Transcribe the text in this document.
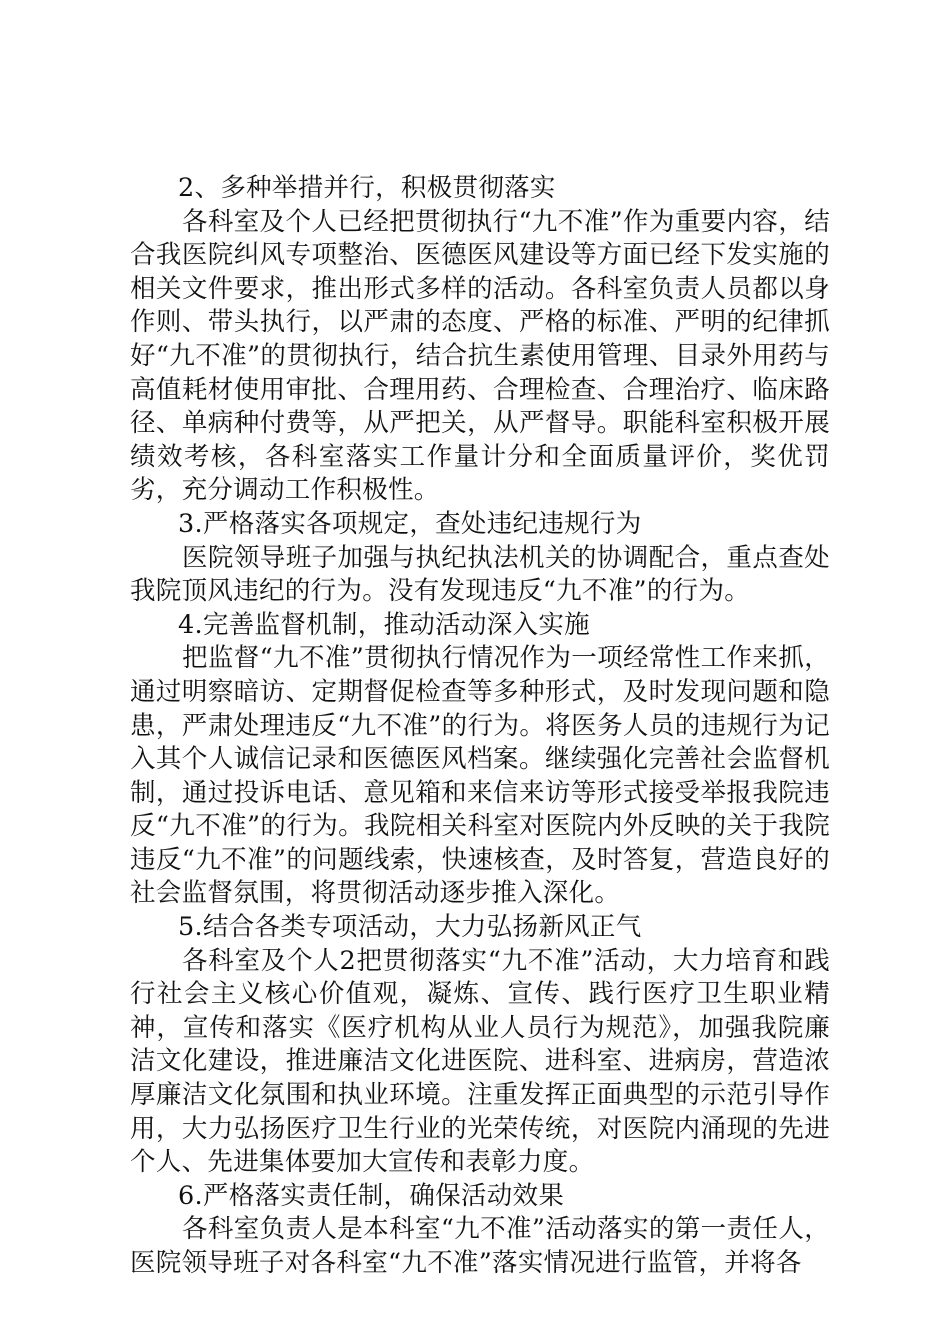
2、多种举措并行，积极贯彻落实

各科室及个人已经把贯彻执行“九不准”作为重要内容，结合我医院纠风专项整治、医德医风建设等方面已经下发实施的相关文件要求，推出形式多样的活动。各科室负责人员都以身作则、带头执行，以严肃的态度、严格的标准、严明的纪律抓好“九不准”的贯彻执行，结合抗生素使用管理、目录外用药与高值耗材使用审批、合理用药、合理检查、合理治疗、临床路径、单病种付费等，从严把关，从严督导。职能科室积极开展绩效考核，各科室落实工作量计分和全面质量评价，奖优罚劣，充分调动工作积极性。

3.严格落实各项规定，查处违纪违规行为

医院领导班子加强与执纪执法机关的协调配合，重点查处我院顶风违纪的行为。没有发现违反“九不准”的行为。

4.完善监督机制，推动活动深入实施

把监督“九不准”贯彻执行情况作为一项经常性工作来抓，通过明察暗访、定期督促检查等多种形式，及时发现问题和隐患，严肃处理违反“九不准”的行为。将医务人员的违规行为记入其个人诚信记录和医德医风档案。继续强化完善社会监督机制，通过投诉电话、意见箱和来信来访等形式接受举报我院违反“九不准”的行为。我院相关科室对医院内外反映的关于我院违反“九不准”的问题线索，快速核查，及时答复，营造良好的社会监督氛围，将贯彻活动逐步推入深化。

5.结合各类专项活动，大力弘扬新风正气

各科室及个人2把贯彻落实“九不准”活动，大力培育和践行社会主义核心价值观，凝炼、宣传、践行医疗卫生职业精神，宣传和落实《医疗机构从业人员行为规范》，加强我院廉洁文化建设，推进廉洁文化进医院、进科室、进病房，营造浓厚廉洁文化氛围和执业环境。注重发挥正面典型的示范引导作用，大力弘扬医疗卫生行业的光荣传统，对医院内涌现的先进个人、先进集体要加大宣传和表彰力度。

6.严格落实责任制，确保活动效果

各科室负责人是本科室“九不准”活动落实的第一责任人，医院领导班子对各科室“九不准”落实情况进行监管，并将各
